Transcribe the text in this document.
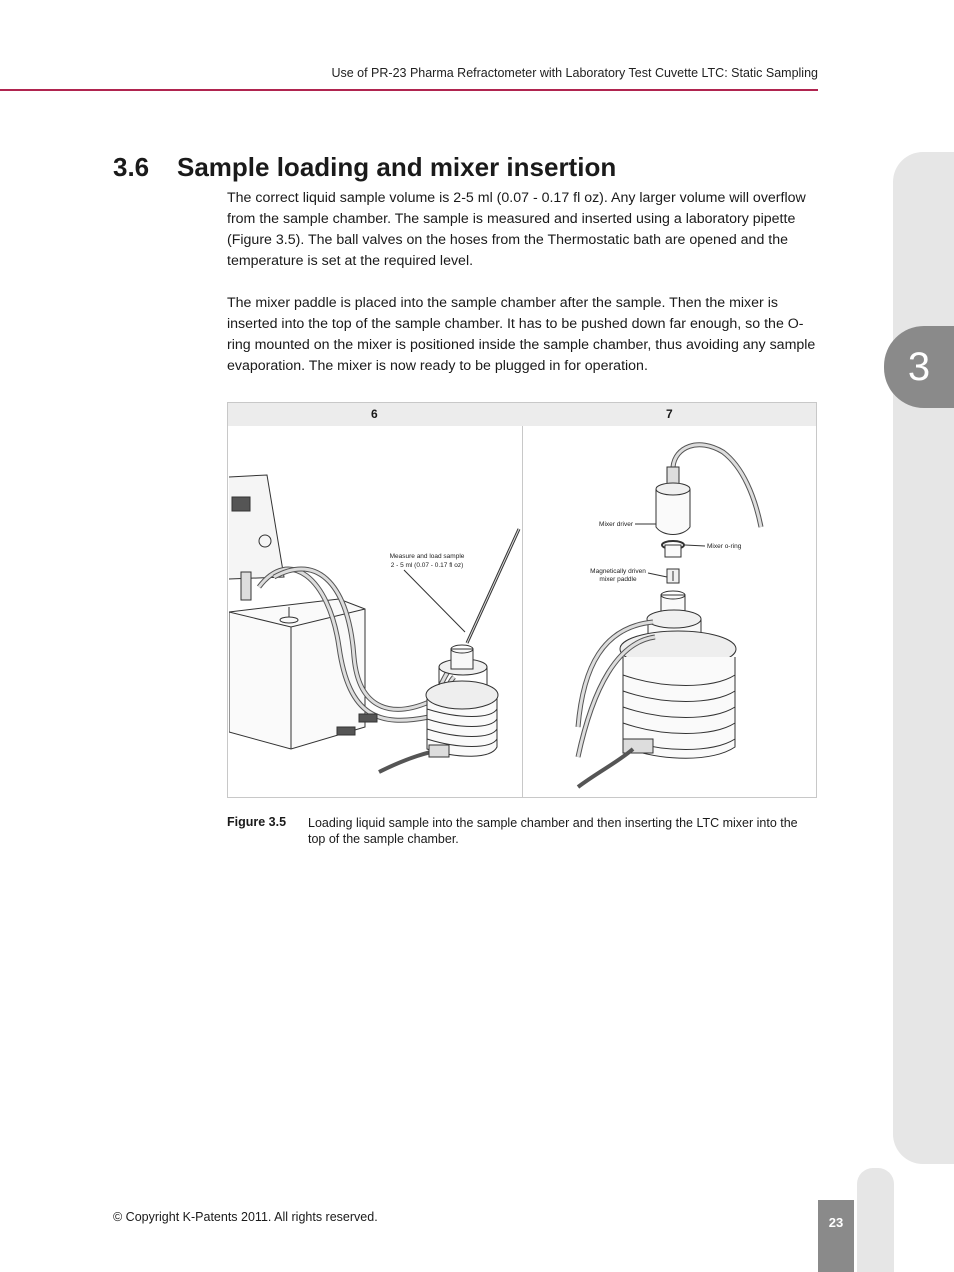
Use of PR-23 Pharma Refractometer with Laboratory Test Cuvette LTC: Static Sampling
3
3.6 Sample loading and mixer insertion

The correct liquid sample volume is 2-5 ml (0.07 - 0.17 fl oz). Any larger volume will overflow from the sample chamber. The sample is measured and inserted using a laboratory pipette (Figure 3.5). The ball valves on the hoses from the Thermostatic bath are opened and the temperature is set at the required level.

The mixer paddle is placed into the sample chamber after the sample. Then the mixer is inserted into the top of the sample chamber. It has to be pushed down far enough, so the O-ring mounted on the mixer is positioned inside the sample chamber, thus avoiding any sample evaporation. The mixer is now ready to be plugged in for operation.

6	7
Measure and load sample
2 - 5 ml (0.07 - 0.17 fl oz)
Mixer driver
Mixer o-ring
Magnetically driven
mixer paddle
Figure 3.5 Loading liquid sample into the sample chamber and then inserting the LTC mixer into the top of the sample chamber.
© Copyright K-Patents 2011. All rights reserved.	23
